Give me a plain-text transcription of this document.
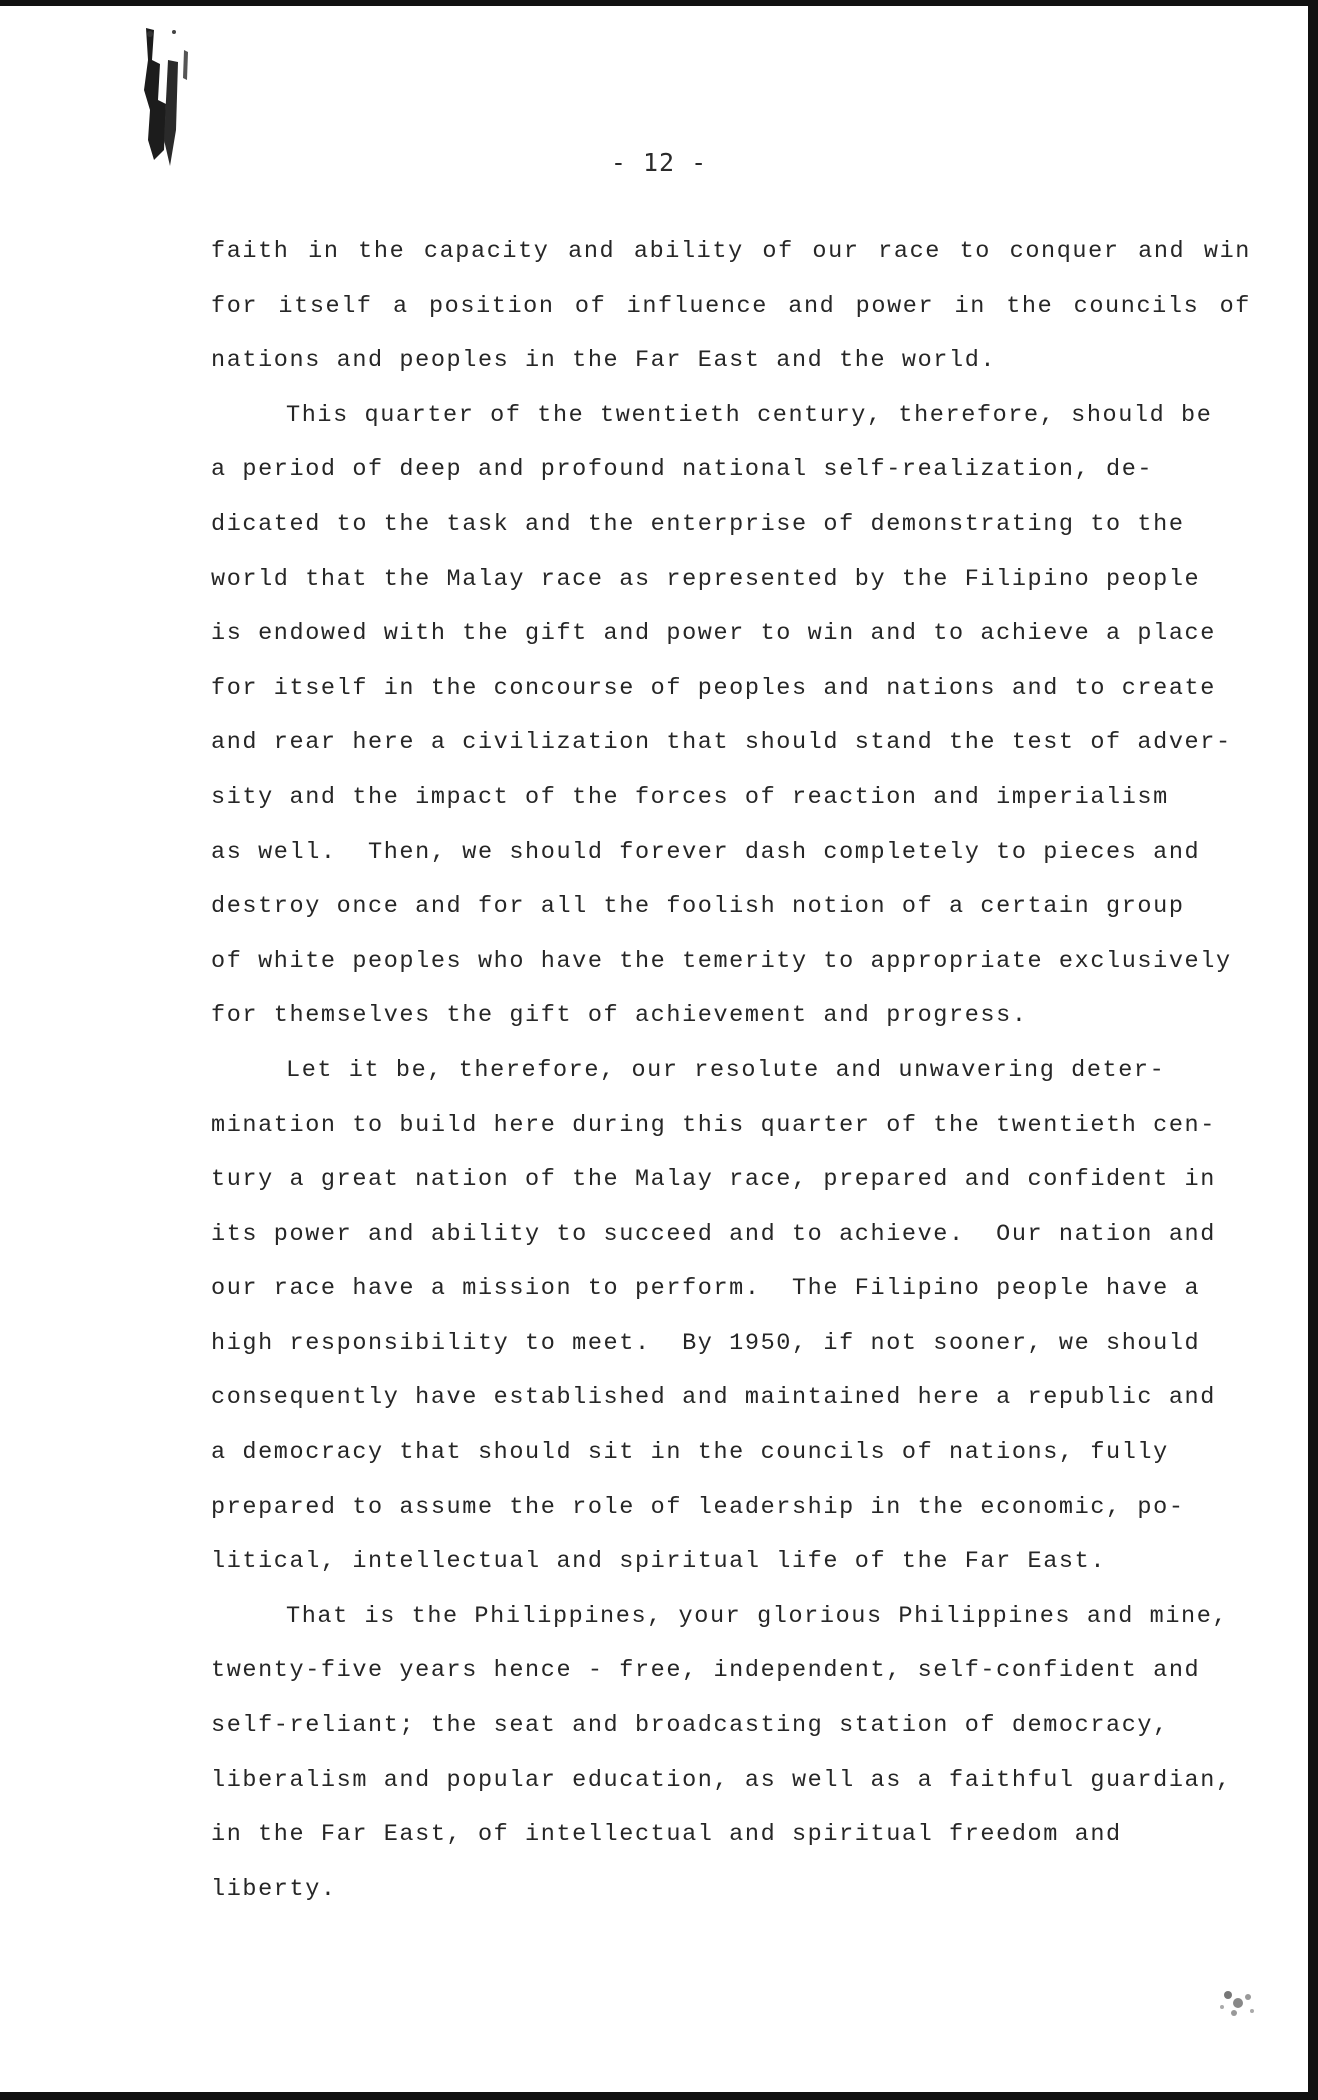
- 12 -
faith in the capacity and ability of our race to conquer and win
for itself a position of influence and power in the councils of
nations and peoples in the Far East and the world.
This quarter of the twentieth century, therefore, should be
a period of deep and profound national self-realization, de-
dicated to the task and the enterprise of demonstrating to the
world that the Malay race as represented by the Filipino people
is endowed with the gift and power to win and to achieve a place
for itself in the concourse of peoples and nations and to create
and rear here a civilization that should stand the test of adver-
sity and the impact of the forces of reaction and imperialism
as well.  Then, we should forever dash completely to pieces and
destroy once and for all the foolish notion of a certain group
of white peoples who have the temerity to appropriate exclusively
for themselves the gift of achievement and progress.
Let it be, therefore, our resolute and unwavering deter-
mination to build here during this quarter of the twentieth cen-
tury a great nation of the Malay race, prepared and confident in
its power and ability to succeed and to achieve.  Our nation and
our race have a mission to perform.  The Filipino people have a
high responsibility to meet.  By 1950, if not sooner, we should
consequently have established and maintained here a republic and
a democracy that should sit in the councils of nations, fully
prepared to assume the role of leadership in the economic, po-
litical, intellectual and spiritual life of the Far East.
That is the Philippines, your glorious Philippines and mine,
twenty-five years hence - free, independent, self-confident and
self-reliant; the seat and broadcasting station of democracy,
liberalism and popular education, as well as a faithful guardian,
in the Far East, of intellectual and spiritual freedom and
liberty.
